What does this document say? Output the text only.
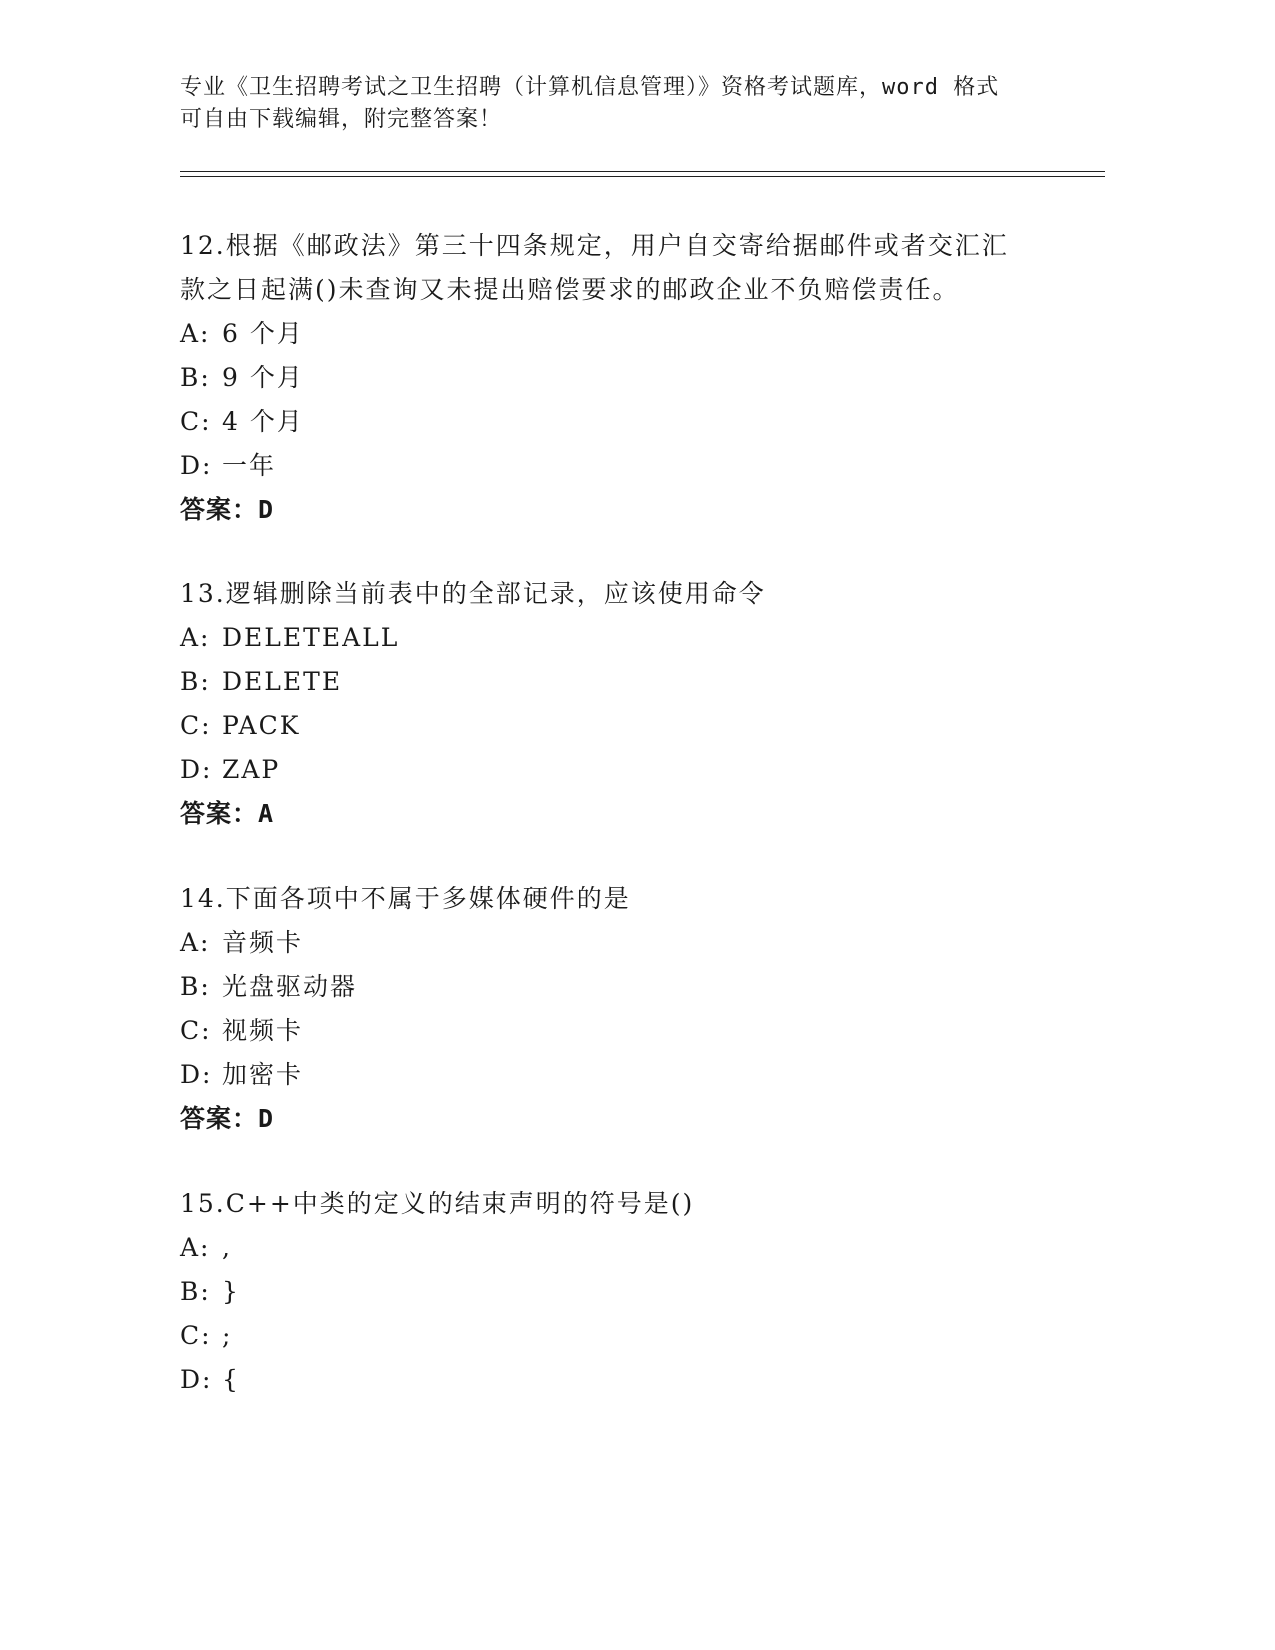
专业《卫生招聘考试之卫生招聘（计算机信息管理）》资格考试题库，word 格式
可自由下载编辑，附完整答案！

12.根据《邮政法》第三十四条规定，用户自交寄给据邮件或者交汇汇
款之日起满()未查询又未提出赔偿要求的邮政企业不负赔偿责任。

A: 6 个月

B: 9 个月

C: 4 个月

D: 一年

答案：D

13.逻辑删除当前表中的全部记录，应该使用命令

A: DELETEALL

B: DELETE

C: PACK

D: ZAP

答案：A

14.下面各项中不属于多媒体硬件的是

A: 音频卡

B: 光盘驱动器

C: 视频卡

D: 加密卡

答案：D

15.C++中类的定义的结束声明的符号是()

A: ,

B: }

C: ;

D: {
